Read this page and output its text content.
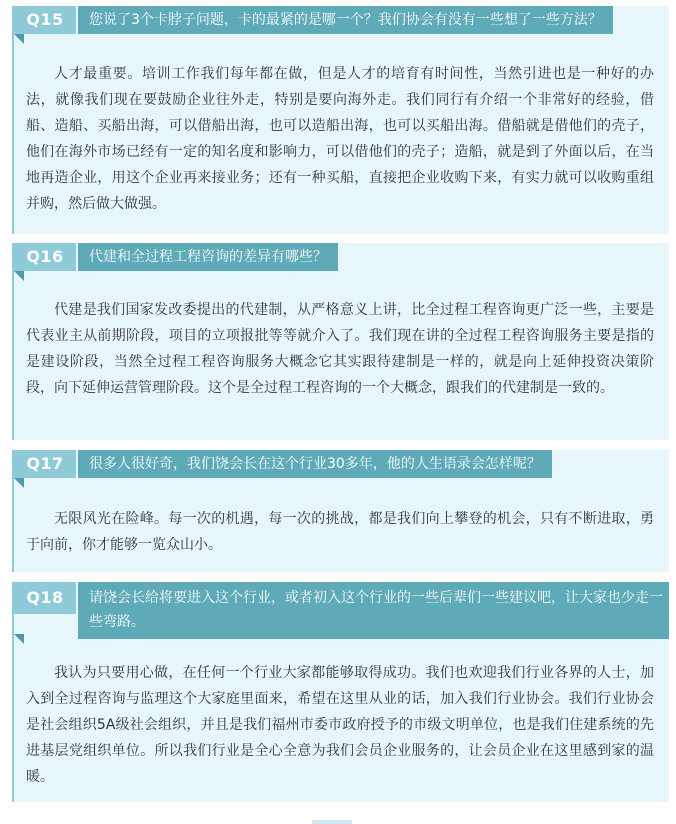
Q15	您说了3个卡脖子问题，卡的最紧的是哪一个？我们协会有没有一些想了一些方法？
人才最重要。培训工作我们每年都在做，但是人才的培育有时间性，当然引进也是一种好的办法，就像我们现在要鼓励企业往外走，特别是要向海外走。我们同行有介绍一个非常好的经验，借船、造船、买船出海，可以借船出海，也可以造船出海，也可以买船出海。借船就是借他们的壳子，他们在海外市场已经有一定的知名度和影响力，可以借他们的壳子；造船，就是到了外面以后，在当地再造企业，用这个企业再来接业务；还有一种买船，直接把企业收购下来，有实力就可以收购重组并购，然后做大做强。
Q16	代建和全过程工程咨询的差异有哪些？
代建是我们国家发改委提出的代建制，从严格意义上讲，比全过程工程咨询更广泛一些，主要是代表业主从前期阶段，项目的立项报批等等就介入了。我们现在讲的全过程工程咨询服务主要是指的是建设阶段，当然全过程工程咨询服务大概念它其实跟待建制是一样的，就是向上延伸投资决策阶段，向下延伸运营管理阶段。这个是全过程工程咨询的一个大概念，跟我们的代建制是一致的。
Q17	很多人很好奇，我们饶会长在这个行业30多年，他的人生语录会怎样呢？
无限风光在险峰。每一次的机遇，每一次的挑战，都是我们向上攀登的机会，只有不断进取，勇于向前，你才能够一览众山小。
Q18	请饶会长给将要进入这个行业，或者初入这个行业的一些后辈们一些建议吧，让大家也少走一些弯路。
我认为只要用心做，在任何一个行业大家都能够取得成功。我们也欢迎我们行业各界的人士，加入到全过程咨询与监理这个大家庭里面来，希望在这里从业的话，加入我们行业协会。我们行业协会是社会组织5A级社会组织，并且是我们福州市委市政府授予的市级文明单位，也是我们住建系统的先进基层党组织单位。所以我们行业是全心全意为我们会员企业服务的，让会员企业在这里感到家的温暖。
